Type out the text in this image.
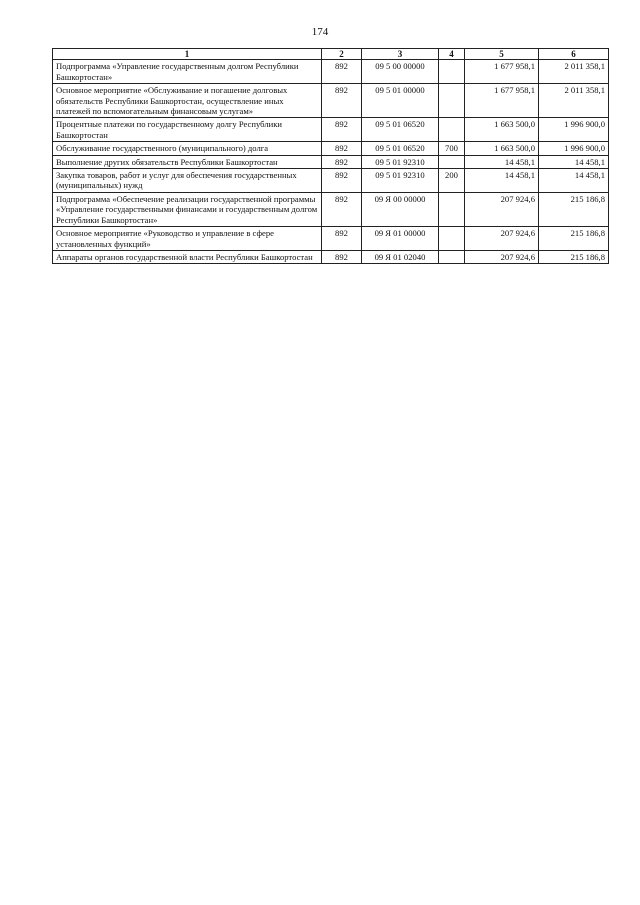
174
1	2	3	4	5	6
Подпрограмма «Управление государственным долгом Республики Башкортостан»	892	09 5 00 00000		1 677 958,1	2 011 358,1
Основное мероприятие «Обслуживание и погашение долговых обязательств Республики Башкортостан, осуществление иных платежей по вспомогательным финансовым услугам»	892	09 5 01 00000		1 677 958,1	2 011 358,1
Процентные платежи по государственному долгу Республики Башкортостан	892	09 5 01 06520		1 663 500,0	1 996 900,0
Обслуживание государственного (муниципального) долга	892	09 5 01 06520	700	1 663 500,0	1 996 900,0
Выполнение других обязательств Республики Башкортостан	892	09 5 01 92310		14 458,1	14 458,1
Закупка товаров, работ и услуг для обеспечения государственных (муниципальных) нужд	892	09 5 01 92310	200	14 458,1	14 458,1
Подпрограмма «Обеспечение реализации государственной программы «Управление государственными финансами и государственным долгом Республики Башкортостан»	892	09 Я 00 00000		207 924,6	215 186,8
Основное мероприятие «Руководство и управление в сфере установленных функций»	892	09 Я 01 00000		207 924,6	215 186,8
Аппараты органов государственной власти Республики Башкортостан	892	09 Я 01 02040		207 924,6	215 186,8
